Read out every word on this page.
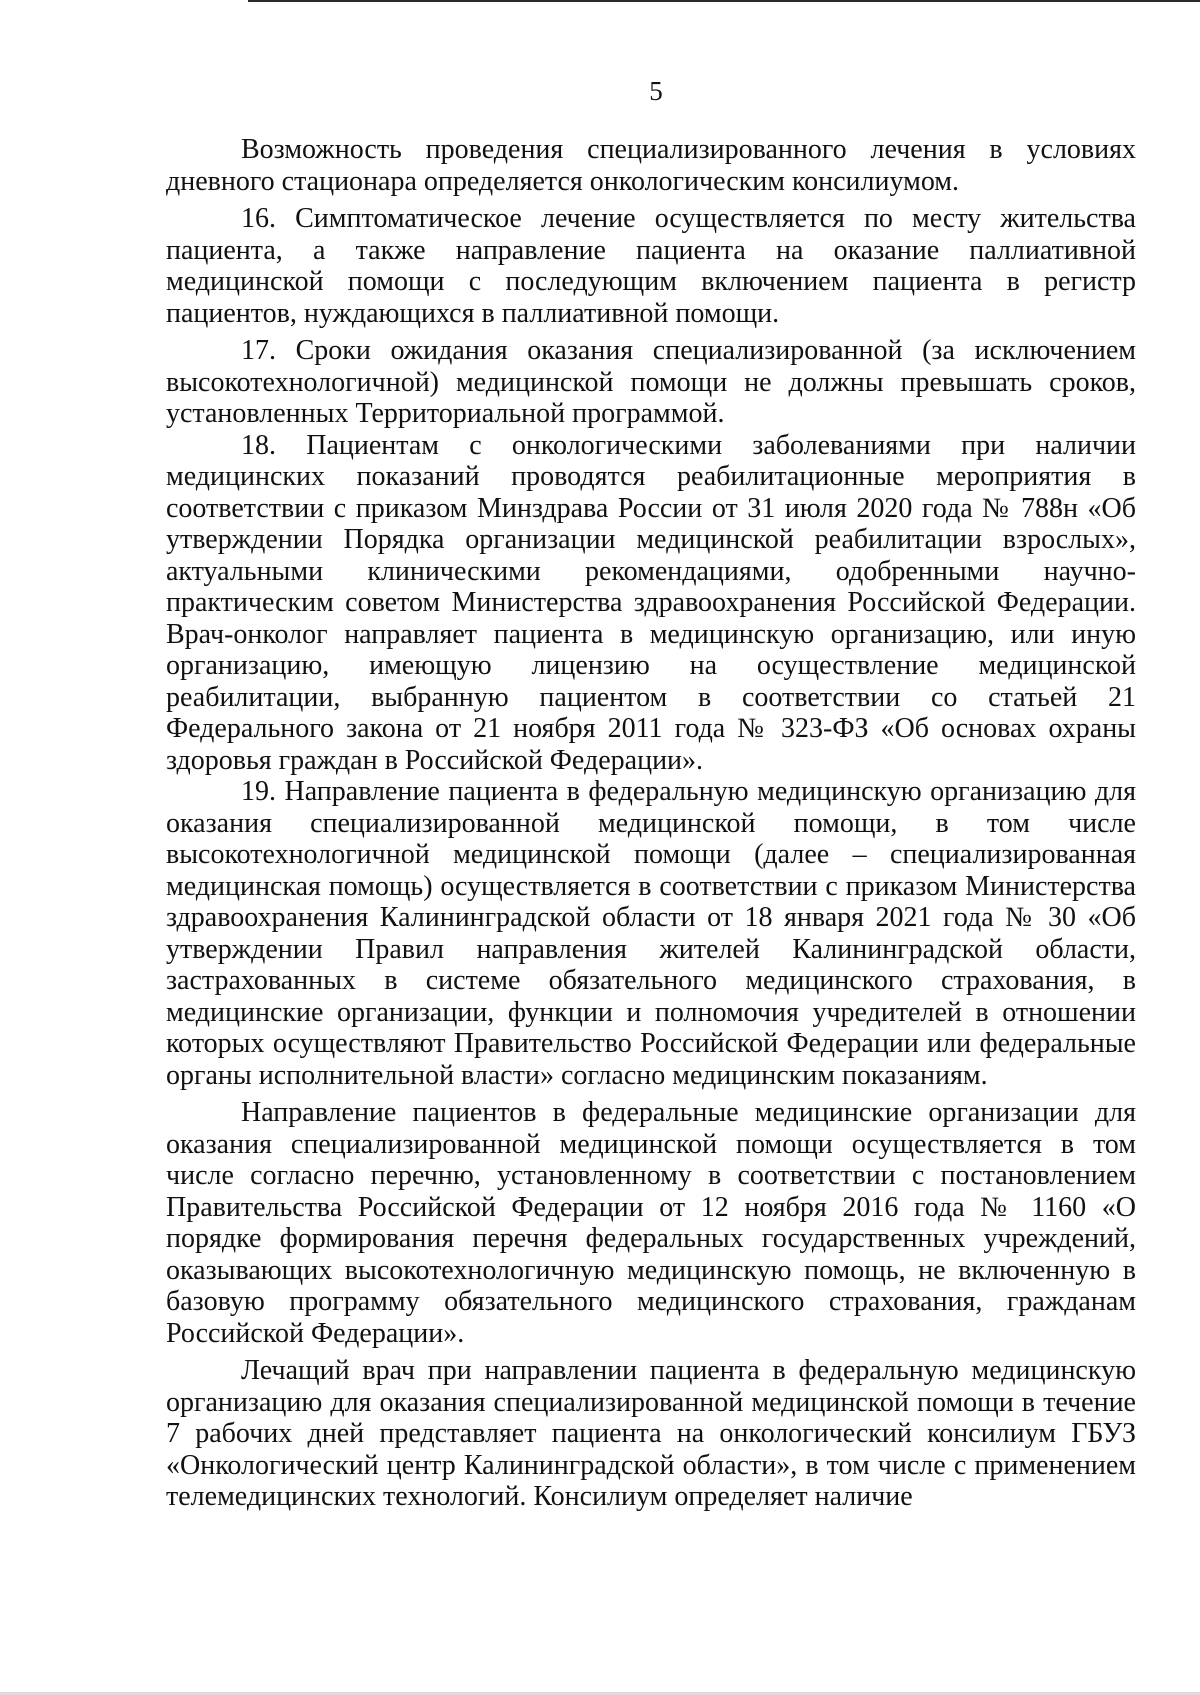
5

Возможность проведения специализированного лечения в условиях дневного стационара определяется онкологическим консилиумом.

16. Симптоматическое лечение осуществляется по месту жительства пациента, а также направление пациента на оказание паллиативной медицинской помощи с последующим включением пациента в регистр пациентов, нуждающихся в паллиативной помощи.

17. Сроки ожидания оказания специализированной (за исключением высокотехнологичной) медицинской помощи не должны превышать сроков, установленных Территориальной программой.

18. Пациентам с онкологическими заболеваниями при наличии медицинских показаний проводятся реабилитационные мероприятия в соответствии с приказом Минздрава России от 31 июля 2020 года № 788н «Об утверждении Порядка организации медицинской реабилитации взрослых», актуальными клиническими рекомендациями, одобренными научно-практическим советом Министерства здравоохранения Российской Федерации. Врач-онколог направляет пациента в медицинскую организацию, или иную организацию, имеющую лицензию на осуществление медицинской реабилитации, выбранную пациентом в соответствии со статьей 21 Федерального закона от 21 ноября 2011 года № 323-ФЗ «Об основах охраны здоровья граждан в Российской Федерации».

19. Направление пациента в федеральную медицинскую организацию для оказания специализированной медицинской помощи, в том числе высокотехнологичной медицинской помощи (далее – специализированная медицинская помощь) осуществляется в соответствии с приказом Министерства здравоохранения Калининградской области от 18 января 2021 года № 30 «Об утверждении Правил направления жителей Калининградской области, застрахованных в системе обязательного медицинского страхования, в медицинские организации, функции и полномочия учредителей в отношении которых осуществляют Правительство Российской Федерации или федеральные органы исполнительной власти» согласно медицинским показаниям.

Направление пациентов в федеральные медицинские организации для оказания специализированной медицинской помощи осуществляется в том числе согласно перечню, установленному в соответствии с постановлением Правительства Российской Федерации от 12 ноября 2016 года № 1160 «О порядке формирования перечня федеральных государственных учреждений, оказывающих высокотехнологичную медицинскую помощь, не включенную в базовую программу обязательного медицинского страхования, гражданам Российской Федерации».

Лечащий врач при направлении пациента в федеральную медицинскую организацию для оказания специализированной медицинской помощи в течение 7 рабочих дней представляет пациента на онкологический консилиум ГБУЗ «Онкологический центр Калининградской области», в том числе с применением телемедицинских технологий. Консилиум определяет наличие
